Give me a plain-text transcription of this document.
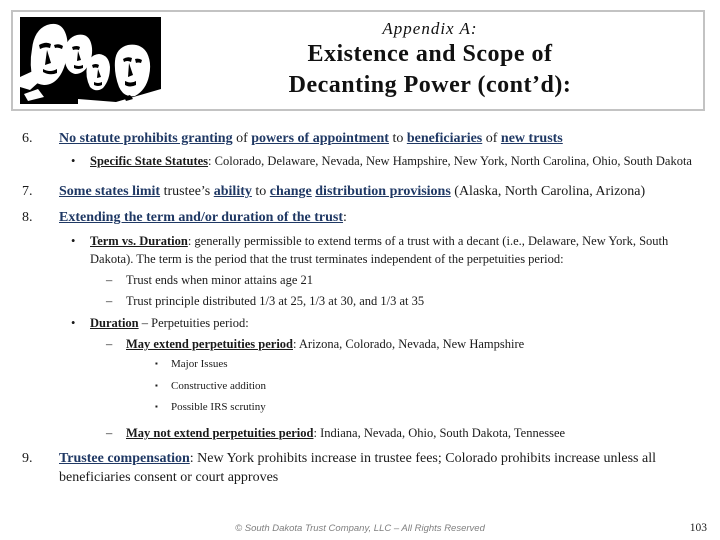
Appendix A:
Existence and Scope of
Decanting Power (cont’d):
6.	No statute prohibits granting of powers of appointment to beneficiaries of new trusts
•	Specific State Statutes: Colorado, Delaware, Nevada, New Hampshire, New York, North Carolina, Ohio, South Dakota
7.	Some states limit trustee’s ability to change distribution provisions (Alaska, North Carolina, Arizona)
8.	Extending the term and/or duration of the trust:
•	Term vs. Duration: generally permissible to extend terms of a trust with a decant (i.e., Delaware, New York, South Dakota). The term is the period that the trust terminates independent of the perpetuities period:
–	Trust ends when minor attains age 21
–	Trust principle distributed 1/3 at 25, 1/3 at 30, and 1/3 at 35
•	Duration – Perpetuities period:
–	May extend perpetuities period: Arizona, Colorado, Nevada, New Hampshire
▪	Major Issues
▪	Constructive addition
▪	Possible IRS scrutiny
–	May not extend perpetuities period: Indiana, Nevada, Ohio, South Dakota, Tennessee
9.	Trustee compensation: New York prohibits increase in trustee fees; Colorado prohibits increase unless all beneficiaries consent or court approves
© South Dakota Trust Company, LLC – All Rights Reserved	103
